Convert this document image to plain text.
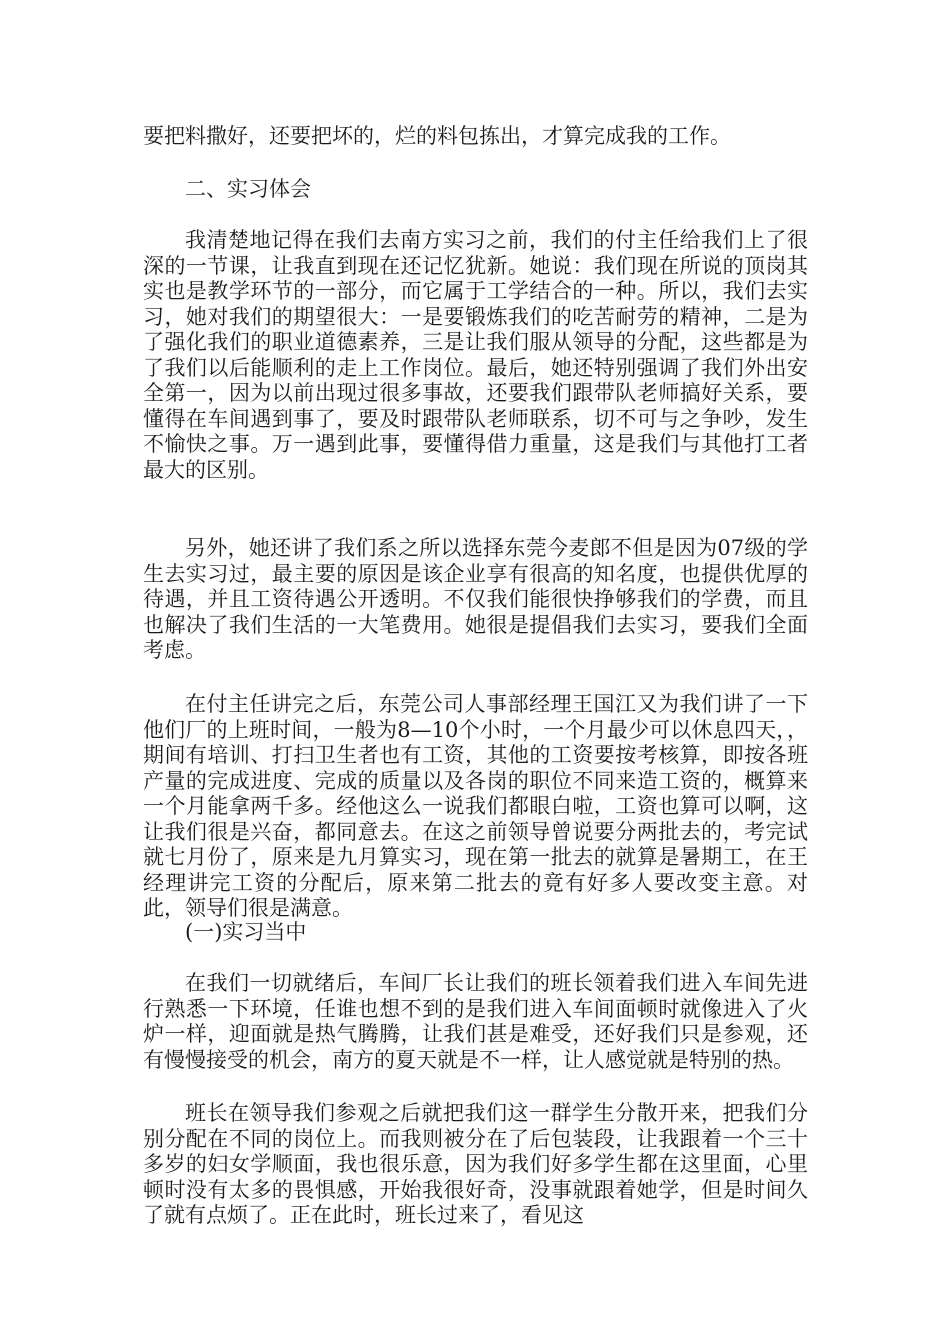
要把料撒好，还要把坏的，烂的料包拣出，才算完成我的工作。

二、实习体会

我清楚地记得在我们去南方实习之前，我们的付主任给我们上了很深的一节课，让我直到现在还记忆犹新。她说：我们现在所说的顶岗其实也是教学环节的一部分，而它属于工学结合的一种。所以，我们去实习，她对我们的期望很大：一是要锻炼我们的吃苦耐劳的精神，二是为了强化我们的职业道德素养，三是让我们服从领导的分配，这些都是为了我们以后能顺利的走上工作岗位。最后，她还特别强调了我们外出安全第一，因为以前出现过很多事故，还要我们跟带队老师搞好关系，要懂得在车间遇到事了，要及时跟带队老师联系，切不可与之争吵，发生不愉快之事。万一遇到此事，要懂得借力重量，这是我们与其他打工者最大的区别。

另外，她还讲了我们系之所以选择东莞今麦郎不但是因为07级的学生去实习过，最主要的原因是该企业享有很高的知名度，也提供优厚的待遇，并且工资待遇公开透明。不仅我们能很快挣够我们的学费，而且也解决了我们生活的一大笔费用。她很是提倡我们去实习，要我们全面考虑。

在付主任讲完之后，东莞公司人事部经理王国江又为我们讲了一下他们厂的上班时间，一般为8—10个小时，一个月最少可以休息四天，，期间有培训、打扫卫生者也有工资，其他的工资要按考核算，即按各班产量的完成进度、完成的质量以及各岗的职位不同来造工资的，概算来一个月能拿两千多。经他这么一说我们都眼白啦，工资也算可以啊，这让我们很是兴奋，都同意去。在这之前领导曾说要分两批去的，考完试就七月份了，原来是九月算实习，现在第一批去的就算是暑期工，在王经理讲完工资的分配后，原来第二批去的竟有好多人要改变主意。对此，领导们很是满意。

(一)实习当中

在我们一切就绪后，车间厂长让我们的班长领着我们进入车间先进行熟悉一下环境，任谁也想不到的是我们进入车间面顿时就像进入了火炉一样，迎面就是热气腾腾，让我们甚是难受，还好我们只是参观，还有慢慢接受的机会，南方的夏天就是不一样，让人感觉就是特别的热。

班长在领导我们参观之后就把我们这一群学生分散开来，把我们分别分配在不同的岗位上。而我则被分在了后包装段，让我跟着一个三十多岁的妇女学顺面，我也很乐意，因为我们好多学生都在这里面，心里顿时没有太多的畏惧感，开始我很好奇，没事就跟着她学，但是时间久了就有点烦了。正在此时，班长过来了，看见这
